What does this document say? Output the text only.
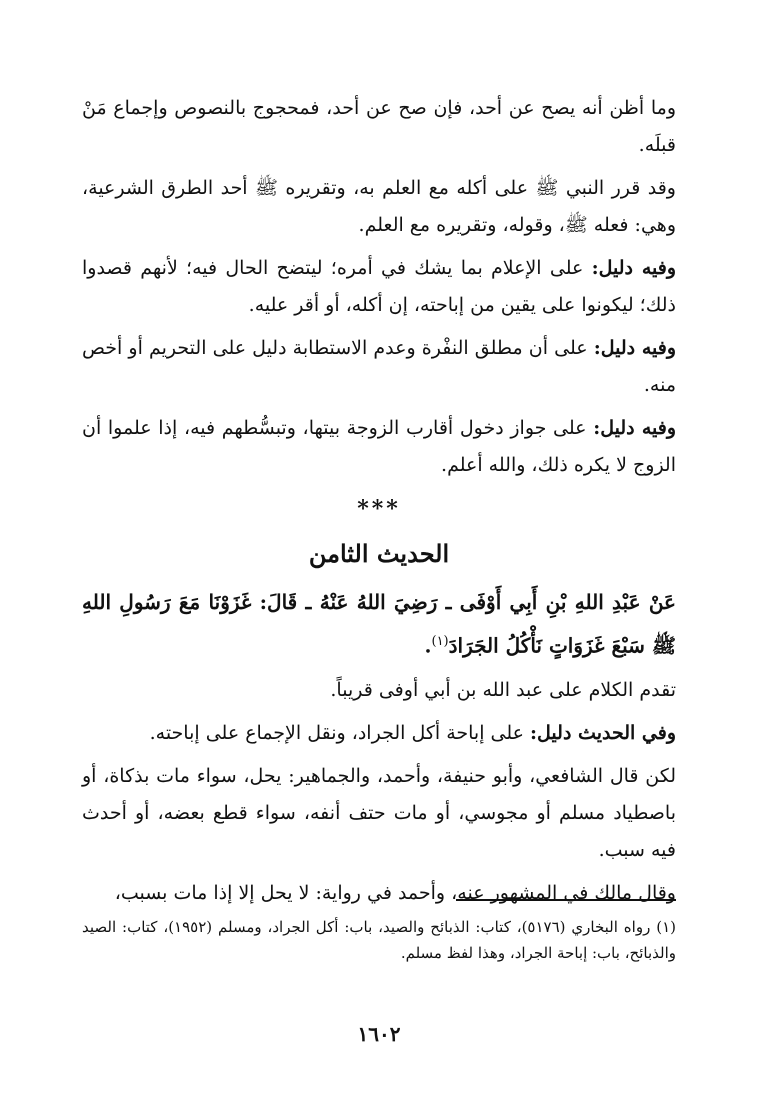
وما أظن أنه يصح عن أحد، فإن صح عن أحد، فمحجوج بالنصوص وإجماع مَنْ قبلَه.

وقد قرر النبي ﷺ على أكله مع العلم به، وتقريره ﷺ أحد الطرق الشرعية، وهي: فعله ﷺ، وقوله، وتقريره مع العلم.

وفيه دليل: على الإعلام بما يشك في أمره؛ ليتضح الحال فيه؛ لأنهم قصدوا ذلك؛ ليكونوا على يقين من إباحته، إن أكله، أو أقر عليه.

وفيه دليل: على أن مطلق النفْرة وعدم الاستطابة دليل على التحريم أو أخص منه.

وفيه دليل: على جواز دخول أقارب الزوجة بيتها، وتبسُّطهم فيه، إذا علموا أن الزوج لا يكره ذلك، والله أعلم.

***
الحديث الثامن

عَنْ عَبْدِ اللهِ بْنِ أَبِي أَوْفَى ـ رَضِيَ اللهُ عَنْهُ ـ قَالَ: غَزَوْنَا مَعَ رَسُولِ اللهِ ﷺ سَبْعَ غَزَوَاتٍ نَأْكُلُ الجَرَادَ$^{(١)}$.

تقدم الكلام على عبد الله بن أبي أوفى قريباً.

وفي الحديث دليل: على إباحة أكل الجراد، ونقل الإجماع على إباحته.

لكن قال الشافعي، وأبو حنيفة، وأحمد، والجماهير: يحل، سواء مات بذكاة، أو باصطياد مسلم أو مجوسي، أو مات حتف أنفه، سواء قطع بعضه، أو أحدث فيه سبب.

وقال مالك في المشهور عنه، وأحمد في رواية: لا يحل إلا إذا مات بسبب،

(١) رواه البخاري (٥١٧٦)، كتاب: الذبائح والصيد، باب: أكل الجراد، ومسلم (١٩٥٢)، كتاب: الصيد والذبائح، باب: إباحة الجراد، وهذا لفظ مسلم.
١٦٠٢
